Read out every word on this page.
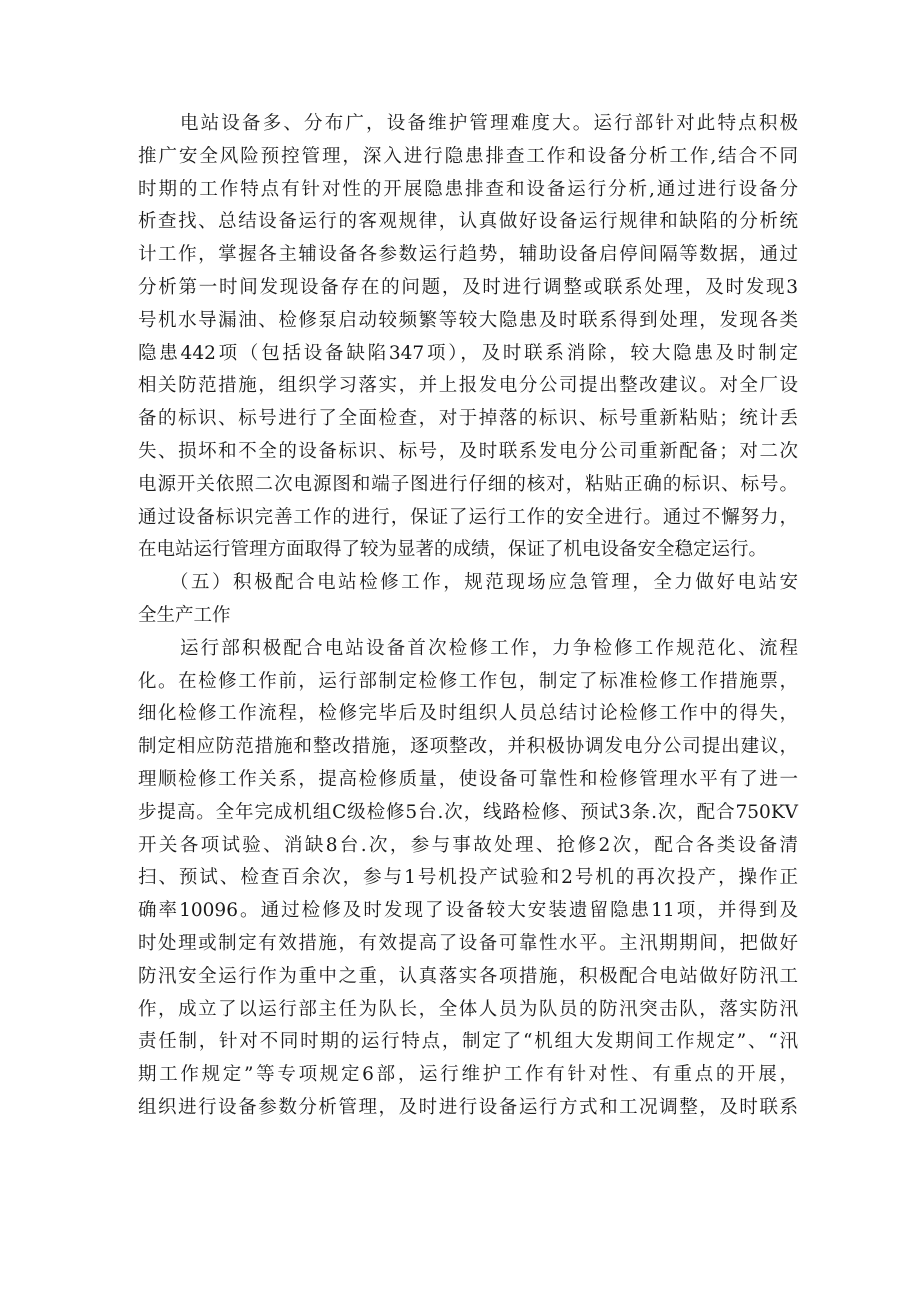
电站设备多、分布广，设备维护管理难度大。运行部针对此特点积极
推广安全风险预控管理，深入进行隐患排查工作和设备分析工作,结合不同
时期的工作特点有针对性的开展隐患排查和设备运行分析,通过进行设备分
析查找、总结设备运行的客观规律，认真做好设备运行规律和缺陷的分析统
计工作，掌握各主辅设备各参数运行趋势，辅助设备启停间隔等数据，通过
分析第一时间发现设备存在的问题，及时进行调整或联系处理，及时发现3
号机水导漏油、检修泵启动较频繁等较大隐患及时联系得到处理，发现各类
隐患442项（包括设备缺陷347项），及时联系消除，较大隐患及时制定
相关防范措施，组织学习落实，并上报发电分公司提出整改建议。对全厂设
备的标识、标号进行了全面检查，对于掉落的标识、标号重新粘贴；统计丢
失、损坏和不全的设备标识、标号，及时联系发电分公司重新配备；对二次
电源开关依照二次电源图和端子图进行仔细的核对，粘贴正确的标识、标号。
通过设备标识完善工作的进行，保证了运行工作的安全进行。通过不懈努力，
在电站运行管理方面取得了较为显著的成绩，保证了机电设备安全稳定运行。
（五）积极配合电站检修工作，规范现场应急管理，全力做好电站安
全生产工作
运行部积极配合电站设备首次检修工作，力争检修工作规范化、流程
化。在检修工作前，运行部制定检修工作包，制定了标准检修工作措施票，
细化检修工作流程，检修完毕后及时组织人员总结讨论检修工作中的得失，
制定相应防范措施和整改措施，逐项整改，并积极协调发电分公司提出建议，
理顺检修工作关系，提高检修质量，使设备可靠性和检修管理水平有了进一
步提高。全年完成机组C级检修5台.次，线路检修、预试3条.次，配合750KV
开关各项试验、消缺8台.次，参与事故处理、抢修2次，配合各类设备清
扫、预试、检查百余次，参与1号机投产试验和2号机的再次投产，操作正
确率10096。通过检修及时发现了设备较大安装遗留隐患11项，并得到及
时处理或制定有效措施，有效提高了设备可靠性水平。主汛期期间，把做好
防汛安全运行作为重中之重，认真落实各项措施，积极配合电站做好防汛工
作，成立了以运行部主任为队长，全体人员为队员的防汛突击队，落实防汛
责任制，针对不同时期的运行特点，制定了“机组大发期间工作规定”、“汛
期工作规定”等专项规定6部，运行维护工作有针对性、有重点的开展，
组织进行设备参数分析管理，及时进行设备运行方式和工况调整，及时联系
